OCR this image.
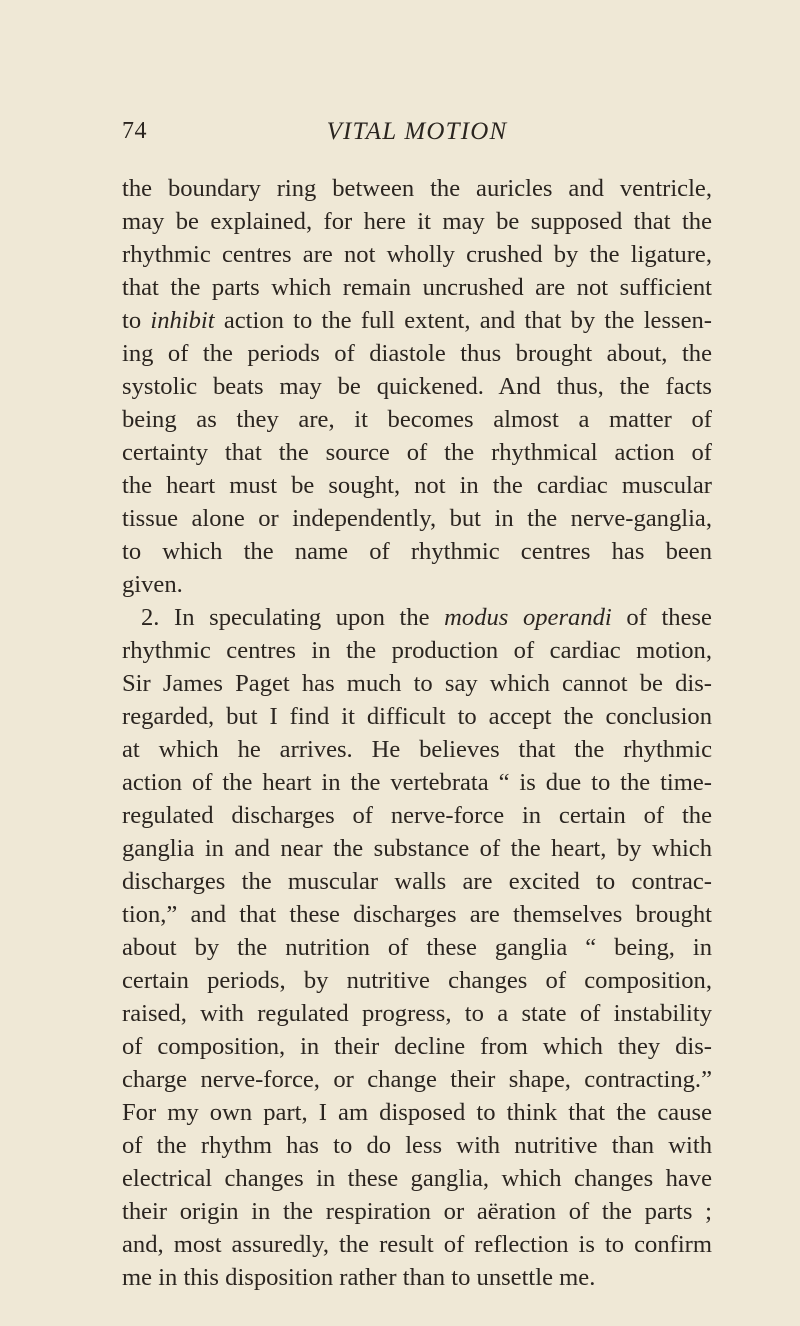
74	VITAL MOTION
the boundary ring between the auricles and ventricle,
may be explained, for here it may be supposed that the
rhythmic centres are not wholly crushed by the ligature,
that the parts which remain uncrushed are not sufficient
to inhibit action to the full extent, and that by the lessen-
ing of the periods of diastole thus brought about, the
systolic beats may be quickened. And thus, the facts
being as they are, it becomes almost a matter of
certainty that the source of the rhythmical action of
the heart must be sought, not in the cardiac muscular
tissue alone or independently, but in the nerve-ganglia,
to which the name of rhythmic centres has been
given.
2. In speculating upon the modus operandi of these
rhythmic centres in the production of cardiac motion,
Sir James Paget has much to say which cannot be dis-
regarded, but I find it difficult to accept the conclusion
at which he arrives. He believes that the rhythmic
action of the heart in the vertebrata “ is due to the time-
regulated discharges of nerve-force in certain of the
ganglia in and near the substance of the heart, by which
discharges the muscular walls are excited to contrac-
tion,” and that these discharges are themselves brought
about by the nutrition of these ganglia “ being, in
certain periods, by nutritive changes of composition,
raised, with regulated progress, to a state of instability
of composition, in their decline from which they dis-
charge nerve-force, or change their shape, contracting.”
For my own part, I am disposed to think that the cause
of the rhythm has to do less with nutritive than with
electrical changes in these ganglia, which changes have
their origin in the respiration or aëration of the parts ;
and, most assuredly, the result of reflection is to confirm
me in this disposition rather than to unsettle me.
